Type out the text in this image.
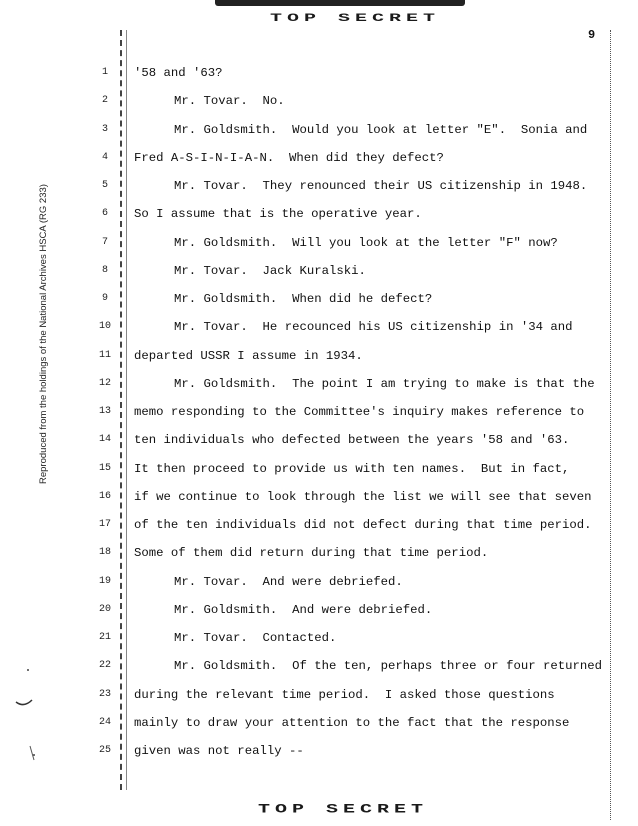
TOP SECRET
9
Reproduced from the holdings of the National Archives HSCA (RG 233)
1	'58 and '63?
2	Mr. Tovar.  No.
3	Mr. Goldsmith.  Would you look at letter "E".  Sonia and
4	Fred A-S-I-N-I-A-N.  When did they defect?
5	Mr. Tovar.  They renounced their US citizenship in 1948.
6	So I assume that is the operative year.
7	Mr. Goldsmith.  Will you look at the letter "F" now?
8	Mr. Tovar.  Jack Kuralski.
9	Mr. Goldsmith.  When did he defect?
10	Mr. Tovar.  He recounced his US citizenship in '34 and
11 departed USSR I assume in 1934.
12	Mr. Goldsmith.  The point I am trying to make is that the
13 memo responding to the Committee's inquiry makes reference to
14 ten individuals who defected between the years '58 and '63.
15 It then proceed to provide us with ten names.  But in fact,
16 if we continue to look through the list we will see that seven
17 of the ten individuals did not defect during that time period.
18 Some of them did return during that time period.
19	Mr. Tovar.  And were debriefed.
20	Mr. Goldsmith.  And were debriefed.
21	Mr. Tovar.  Contacted.
22	Mr. Goldsmith.  Of the ten, perhaps three or four returned
23 during the relevant time period.  I asked those questions
24 mainly to draw your attention to the fact that the response
25 given was not really --
TOP SECRET
